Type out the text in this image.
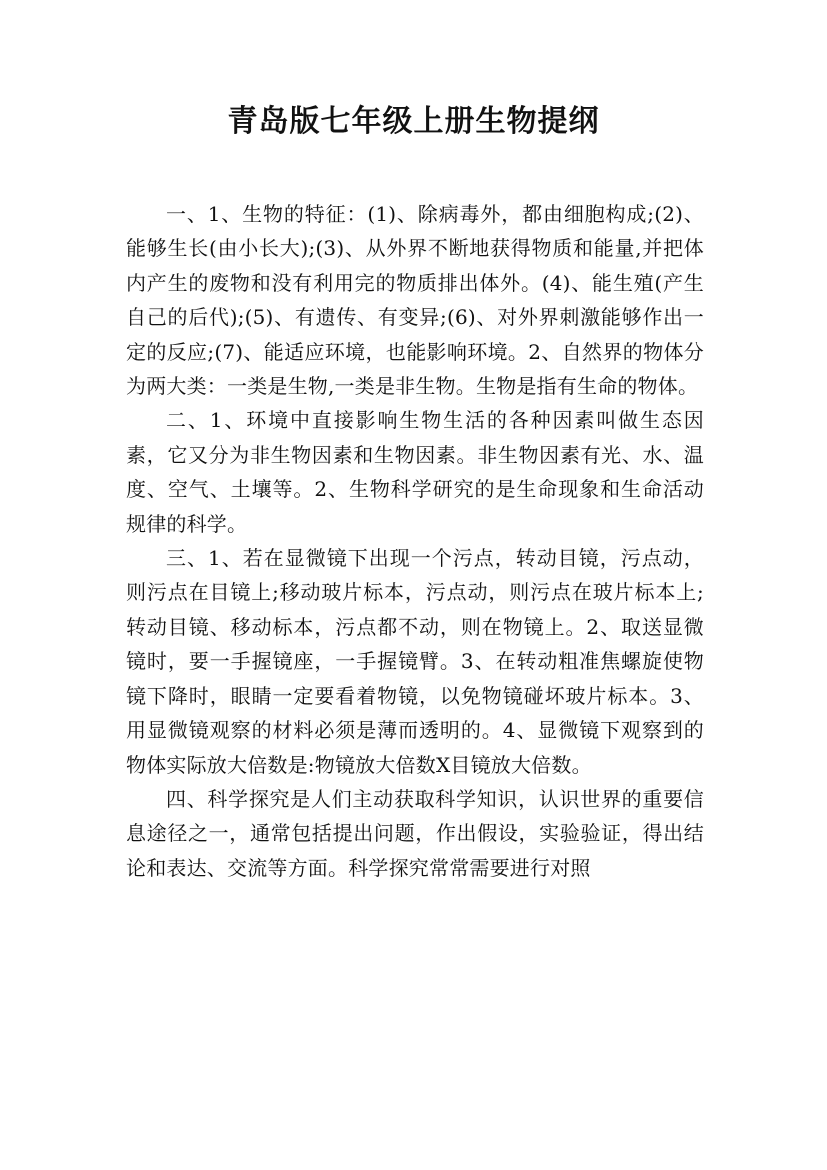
青岛版七年级上册生物提纲

一、1、生物的特征：(1)、除病毒外，都由细胞构成;(2)、能够生长(由小长大);(3)、从外界不断地获得物质和能量,并把体内产生的废物和没有利用完的物质排出体外。(4)、能生殖(产生自己的后代);(5)、有遗传、有变异;(6)、对外界刺激能够作出一定的反应;(7)、能适应环境，也能影响环境。2、自然界的物体分为两大类：一类是生物,一类是非生物。生物是指有生命的物体。

二、1、环境中直接影响生物生活的各种因素叫做生态因素，它又分为非生物因素和生物因素。非生物因素有光、水、温度、空气、土壤等。2、生物科学研究的是生命现象和生命活动规律的科学。

三、1、若在显微镜下出现一个污点，转动目镜，污点动，则污点在目镜上;移动玻片标本，污点动，则污点在玻片标本上;转动目镜、移动标本，污点都不动，则在物镜上。2、取送显微镜时，要一手握镜座，一手握镜臂。3、在转动粗准焦螺旋使物镜下降时，眼睛一定要看着物镜，以免物镜碰坏玻片标本。3、用显微镜观察的材料必须是薄而透明的。4、显微镜下观察到的物体实际放大倍数是:物镜放大倍数X目镜放大倍数。

四、科学探究是人们主动获取科学知识，认识世界的重要信息途径之一，通常包括提出问题，作出假设，实验验证，得出结论和表达、交流等方面。科学探究常常需要进行对照
